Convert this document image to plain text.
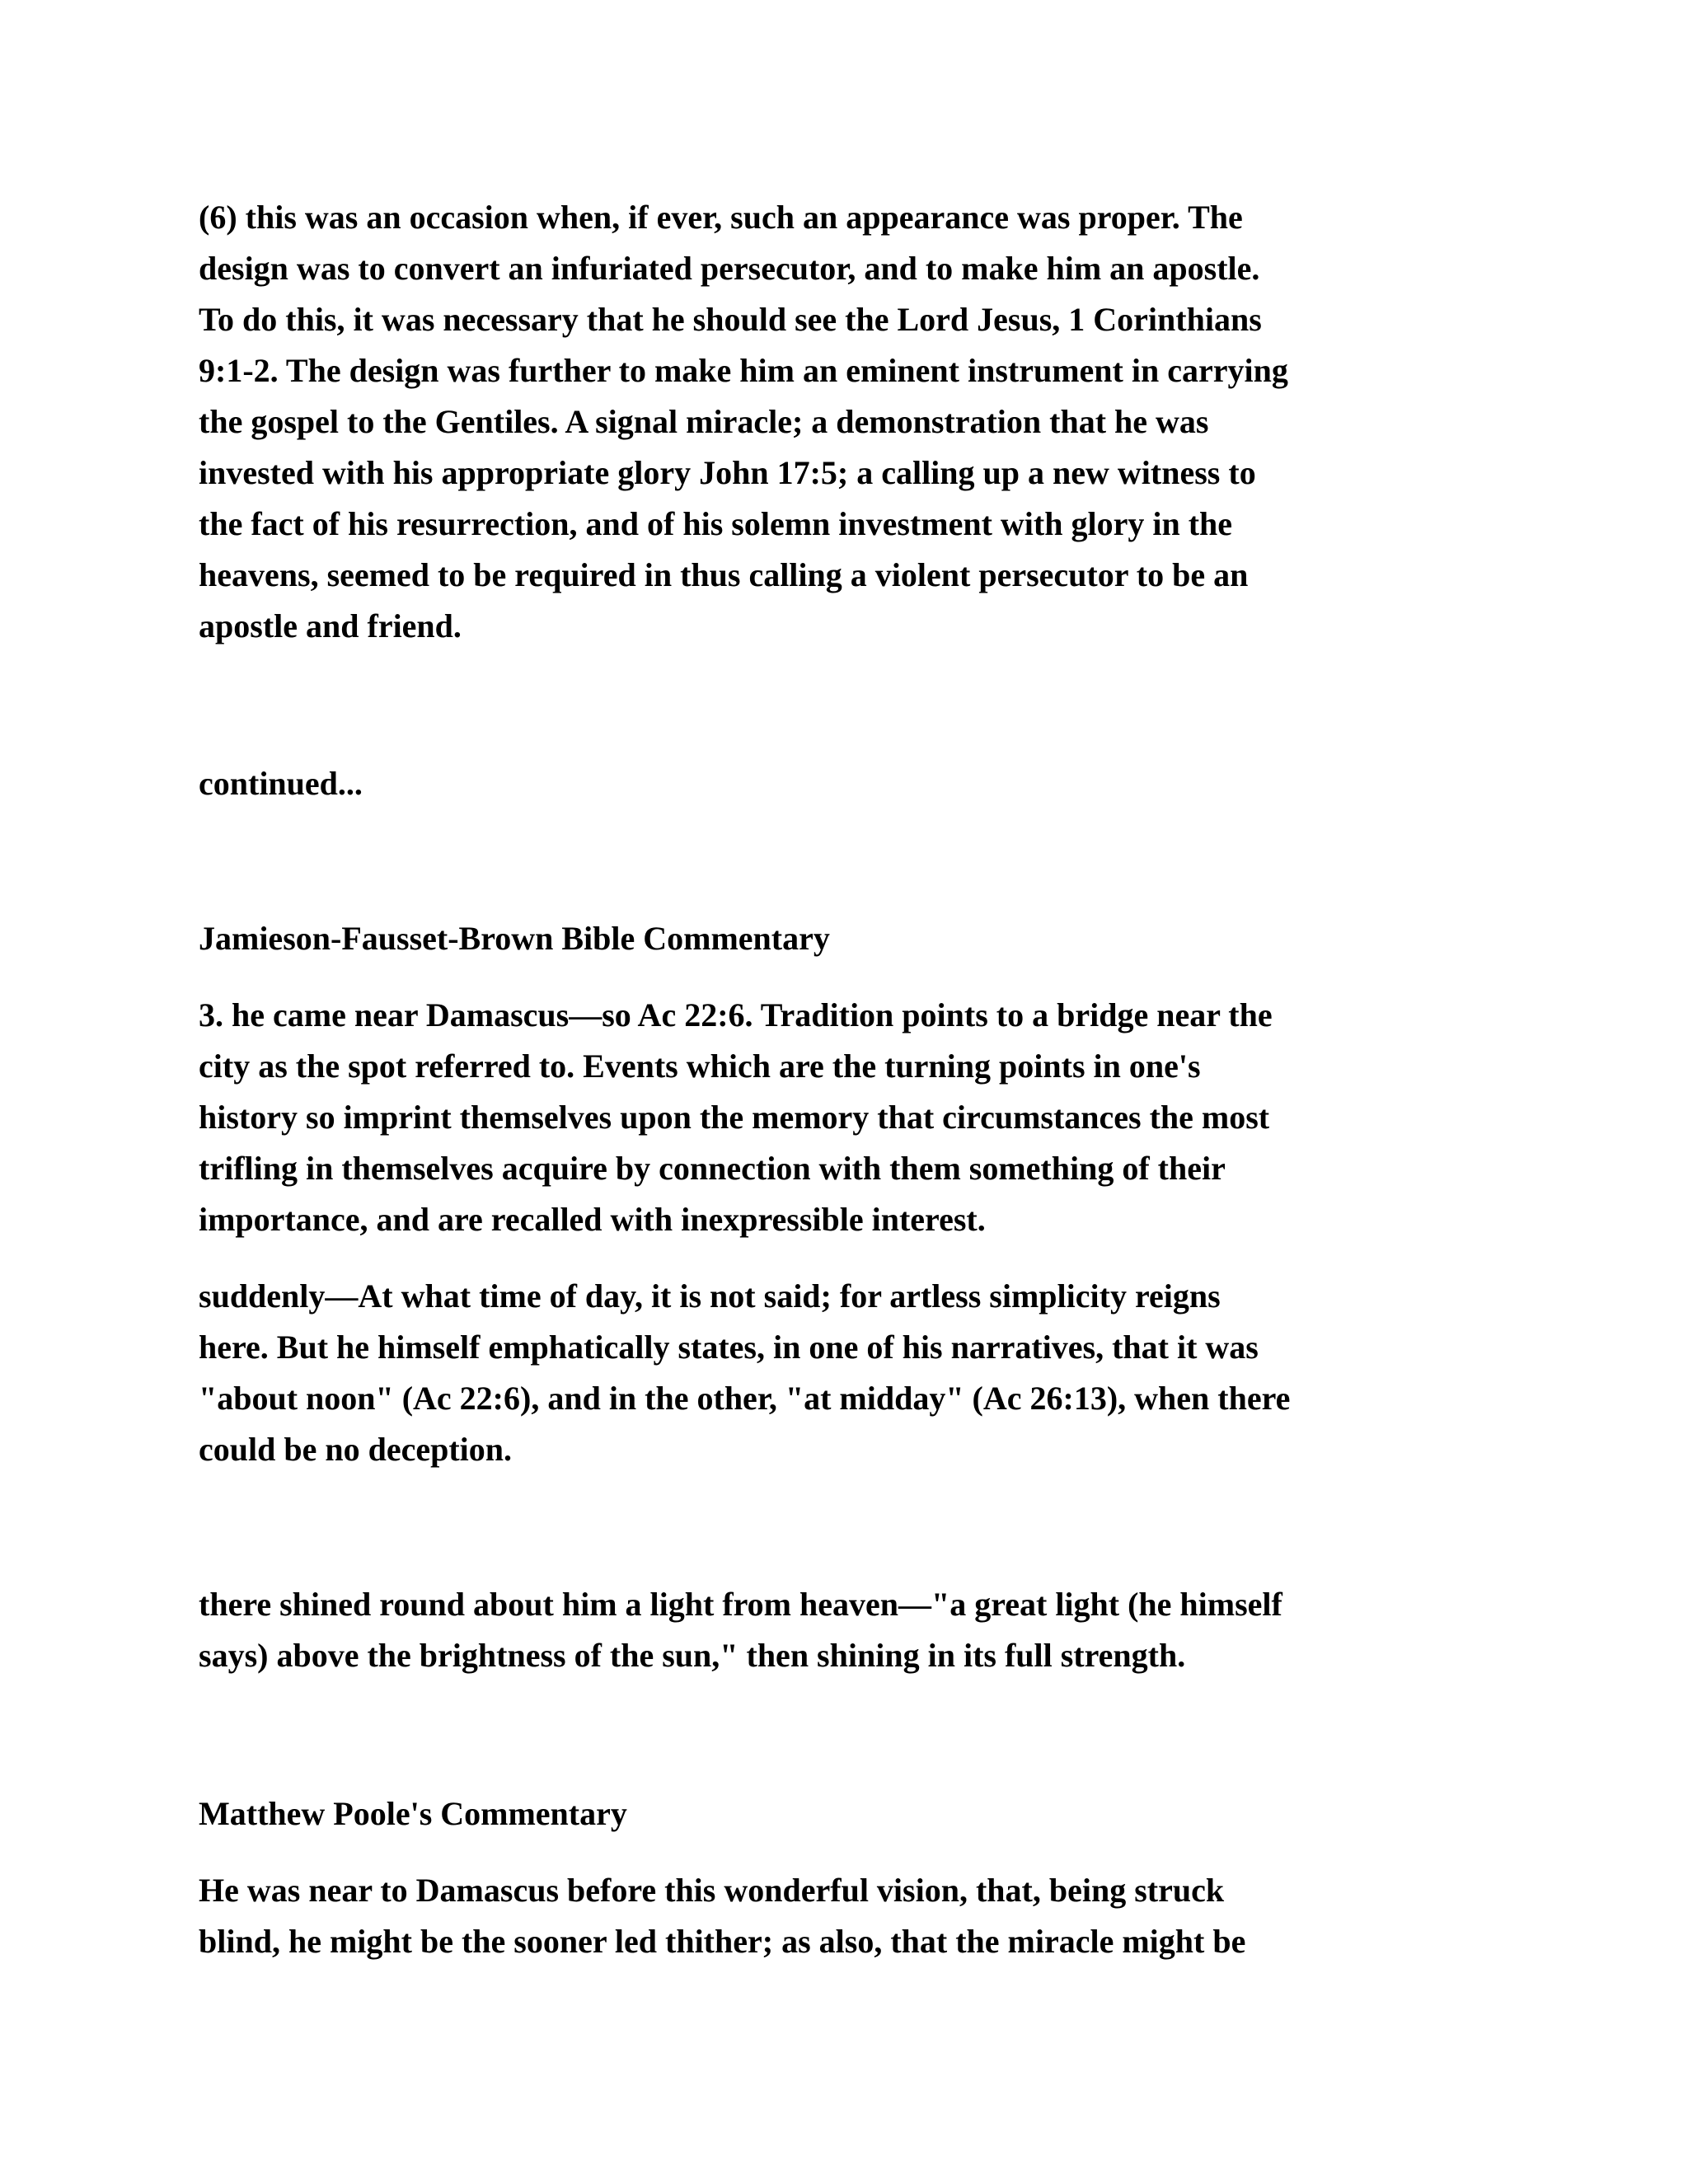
(6) this was an occasion when, if ever, such an appearance was proper. The
design was to convert an infuriated persecutor, and to make him an apostle.
To do this, it was necessary that he should see the Lord Jesus, 1 Corinthians
9:1-2. The design was further to make him an eminent instrument in carrying
the gospel to the Gentiles. A signal miracle; a demonstration that he was
invested with his appropriate glory John 17:5; a calling up a new witness to
the fact of his resurrection, and of his solemn investment with glory in the
heavens, seemed to be required in thus calling a violent persecutor to be an
apostle and friend.

continued...

Jamieson-Fausset-Brown Bible Commentary

3. he came near Damascus—so Ac 22:6. Tradition points to a bridge near the
city as the spot referred to. Events which are the turning points in one's
history so imprint themselves upon the memory that circumstances the most
trifling in themselves acquire by connection with them something of their
importance, and are recalled with inexpressible interest.

suddenly—At what time of day, it is not said; for artless simplicity reigns
here. But he himself emphatically states, in one of his narratives, that it was
"about noon" (Ac 22:6), and in the other, "at midday" (Ac 26:13), when there
could be no deception.

there shined round about him a light from heaven—"a great light (he himself
says) above the brightness of the sun," then shining in its full strength.

Matthew Poole's Commentary

He was near to Damascus before this wonderful vision, that, being struck
blind, he might be the sooner led thither; as also, that the miracle might be
